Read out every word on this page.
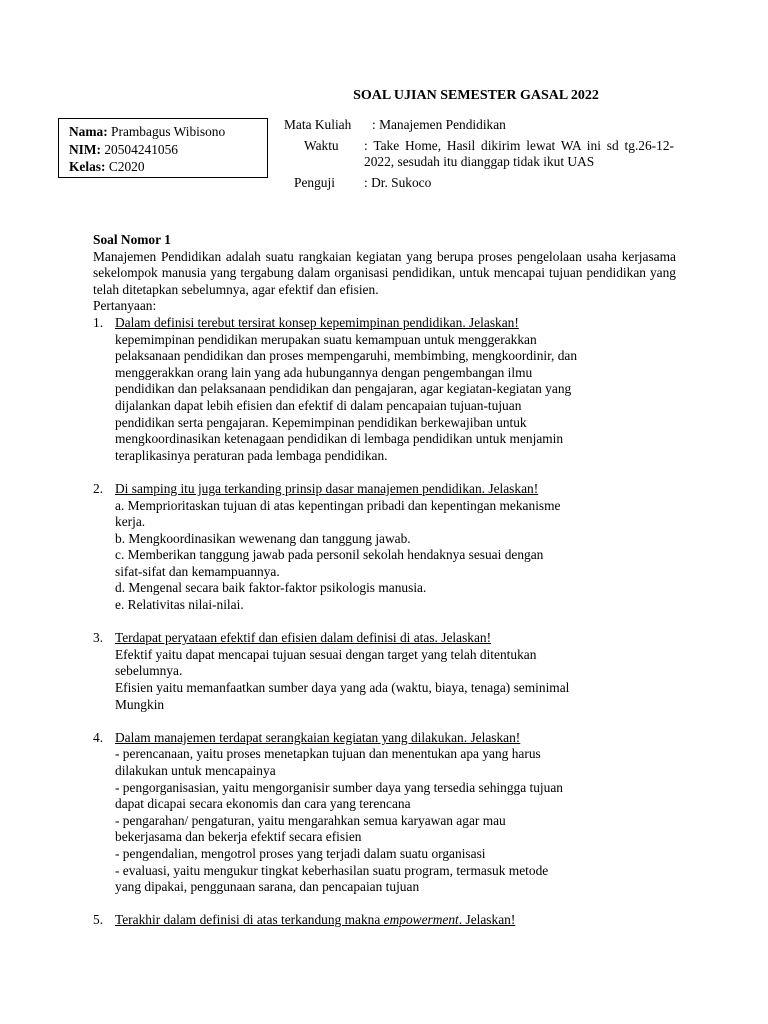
SOAL UJIAN SEMESTER GASAL 2022
Nama: Prambagus Wibisono
NIM: 20504241056
Kelas: C2020
Mata Kuliah	: Manajemen Pendidikan
Waktu	: Take Home, Hasil dikirim lewat WA ini sd tg.26-12-2022, sesudah itu dianggap tidak ikut UAS
Penguji	: Dr. Sukoco
Soal Nomor 1
Manajemen Pendidikan adalah suatu rangkaian kegiatan yang berupa proses pengelolaan usaha kerjasama sekelompok manusia yang tergabung dalam organisasi pendidikan, untuk mencapai tujuan pendidikan yang telah ditetapkan sebelumnya, agar efektif dan efisien.
Pertanyaan:
1. Dalam definisi terebut tersirat konsep kepemimpinan pendidikan. Jelaskan!
kepemimpinan pendidikan merupakan suatu kemampuan untuk menggerakkan
pelaksanaan pendidikan dan proses mempengaruhi, membimbing, mengkoordinir, dan
menggerakkan orang lain yang ada hubungannya dengan pengembangan ilmu
pendidikan dan pelaksanaan pendidikan dan pengajaran, agar kegiatan-kegiatan yang
dijalankan dapat lebih efisien dan efektif di dalam pencapaian tujuan-tujuan
pendidikan serta pengajaran. Kepemimpinan pendidikan berkewajiban untuk
mengkoordinasikan ketenagaan pendidikan di lembaga pendidikan untuk menjamin
teraplikasinya peraturan pada lembaga pendidikan.
2. Di samping itu juga terkanding prinsip dasar manajemen pendidikan. Jelaskan!
a. Memprioritaskan tujuan di atas kepentingan pribadi dan kepentingan mekanisme
kerja.
b. Mengkoordinasikan wewenang dan tanggung jawab.
c. Memberikan tanggung jawab pada personil sekolah hendaknya sesuai dengan
sifat-sifat dan kemampuannya.
d. Mengenal secara baik faktor-faktor psikologis manusia.
e. Relativitas nilai-nilai.
3. Terdapat peryataan efektif dan efisien dalam definisi di atas. Jelaskan!
Efektif yaitu dapat mencapai tujuan sesuai dengan target yang telah ditentukan
sebelumnya.
Efisien yaitu memanfaatkan sumber daya yang ada (waktu, biaya, tenaga) seminimal
Mungkin
4. Dalam manajemen terdapat serangkaian kegiatan yang dilakukan. Jelaskan!
- perencanaan, yaitu proses menetapkan tujuan dan menentukan apa yang harus
dilakukan untuk mencapainya
- pengorganisasian, yaitu mengorganisir sumber daya yang tersedia sehingga tujuan
dapat dicapai secara ekonomis dan cara yang terencana
- pengarahan/ pengaturan, yaitu mengarahkan semua karyawan agar mau
bekerjasama dan bekerja efektif secara efisien
- pengendalian, mengotrol proses yang terjadi dalam suatu organisasi
- evaluasi, yaitu mengukur tingkat keberhasilan suatu program, termasuk metode
yang dipakai, penggunaan sarana, dan pencapaian tujuan
5. Terakhir dalam definisi di atas terkandung makna empowerment. Jelaskan!
